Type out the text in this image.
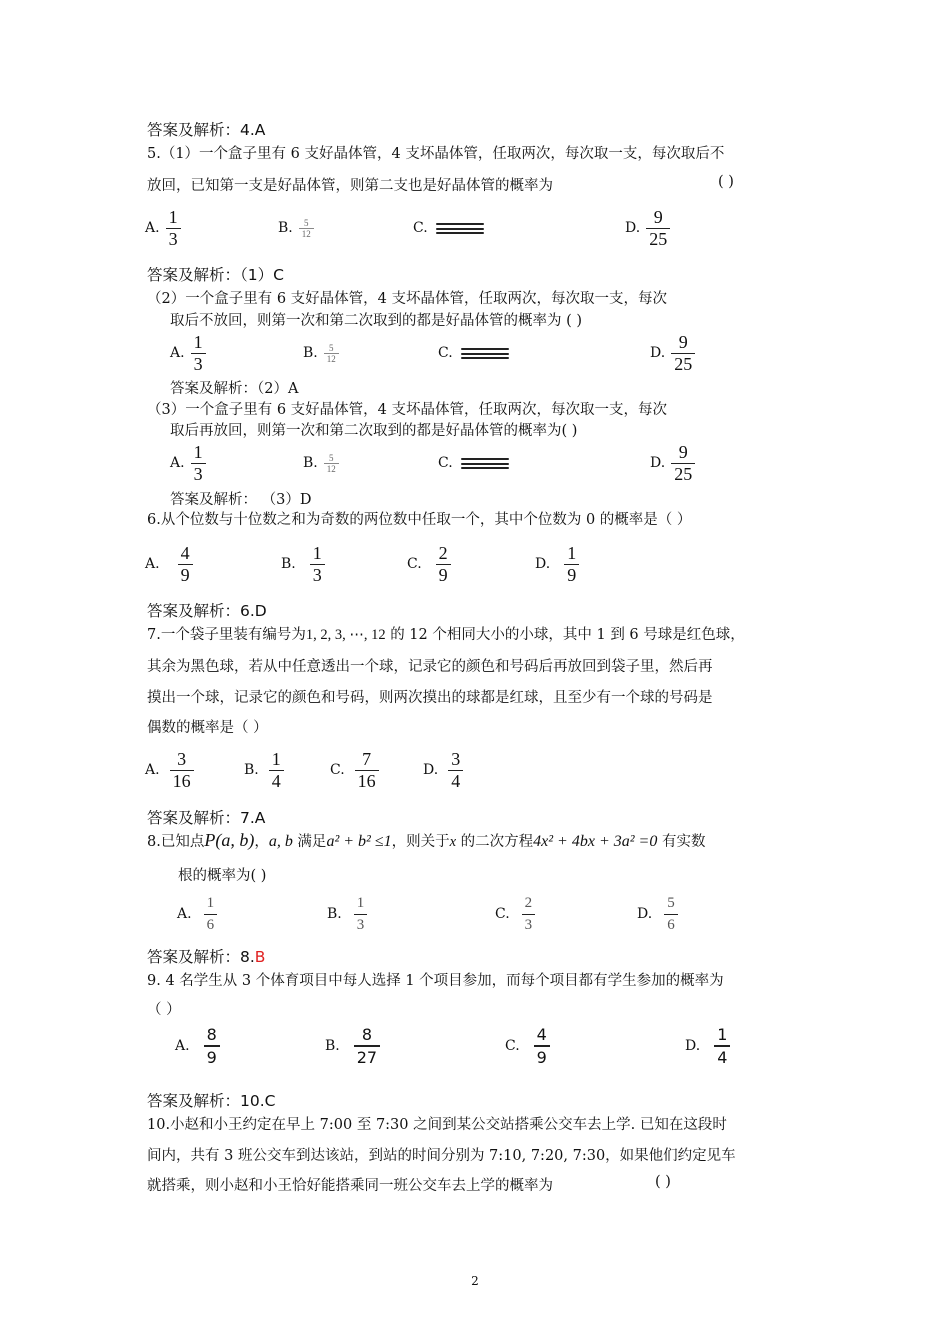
答案及解析：4.A
5.（1）一个盒子里有 6 支好晶体管，4 支坏晶体管，任取两次，每次取一支，每次取后不
放回，已知第一支是好晶体管，则第二支也是好晶体管的概率为	( )
A. $\frac{1}{3}$	B. $\frac{5}{12}$	C.	D. $\frac{9}{25}$
答案及解析：（1）C
（2）一个盒子里有 6 支好晶体管，4 支坏晶体管，任取两次，每次取一支，每次
取后不放回，则第一次和第二次取到的都是好晶体管的概率为 ( )
A. $\frac{1}{3}$	B. $\frac{5}{12}$	C.	D. $\frac{9}{25}$
答案及解析：（2）A
（3）一个盒子里有 6 支好晶体管，4 支坏晶体管，任取两次，每次取一支，每次
取后再放回，则第一次和第二次取到的都是好晶体管的概率为( )
A. $\frac{1}{3}$	B. $\frac{5}{12}$	C.	D. $\frac{9}{25}$
答案及解析： （3）D
6.从个位数与十位数之和为奇数的两位数中任取一个，其中个位数为 0 的概率是（ ）
A. $\frac{4}{9}$	B. $\frac{1}{3}$	C. $\frac{2}{9}$	D. $\frac{1}{9}$
答案及解析：6.D
7.一个袋子里装有编号为1, 2, 3, ⋯, 12 的 12 个相同大小的小球，其中 1 到 6 号球是红色球，
其余为黑色球，若从中任意透出一个球，记录它的颜色和号码后再放回到袋子里，然后再
摸出一个球，记录它的颜色和号码，则两次摸出的球都是红球，且至少有一个球的号码是
偶数的概率是（ ）
A. $\frac{3}{16}$	B. $\frac{1}{4}$	C. $\frac{7}{16}$	D. $\frac{3}{4}$
答案及解析：7.A
8.已知点P(a, b)，a, b 满足a² + b² ≤1，则关于x 的二次方程4x² + 4bx + 3a² =0 有实数
根的概率为( )
A. $\frac{1}{6}$	B. $\frac{1}{3}$	C. $\frac{2}{3}$	D. $\frac{5}{6}$
答案及解析：8.B
9. 4 名学生从 3 个体育项目中每人选择 1 个项目参加，而每个项目都有学生参加的概率为
（ ）
A. $\frac{8}{9}$	B. $\frac{8}{27}$	C. $\frac{4}{9}$	D. $\frac{1}{4}$
答案及解析：10.C
10.小赵和小王约定在早上 7:00 至 7:30 之间到某公交站搭乘公交车去上学. 已知在这段时
间内，共有 3 班公交车到达该站，到站的时间分别为 7:10, 7:20, 7:30，如果他们约定见车
就搭乘，则小赵和小王恰好能搭乘同一班公交车去上学的概率为	( )
2
